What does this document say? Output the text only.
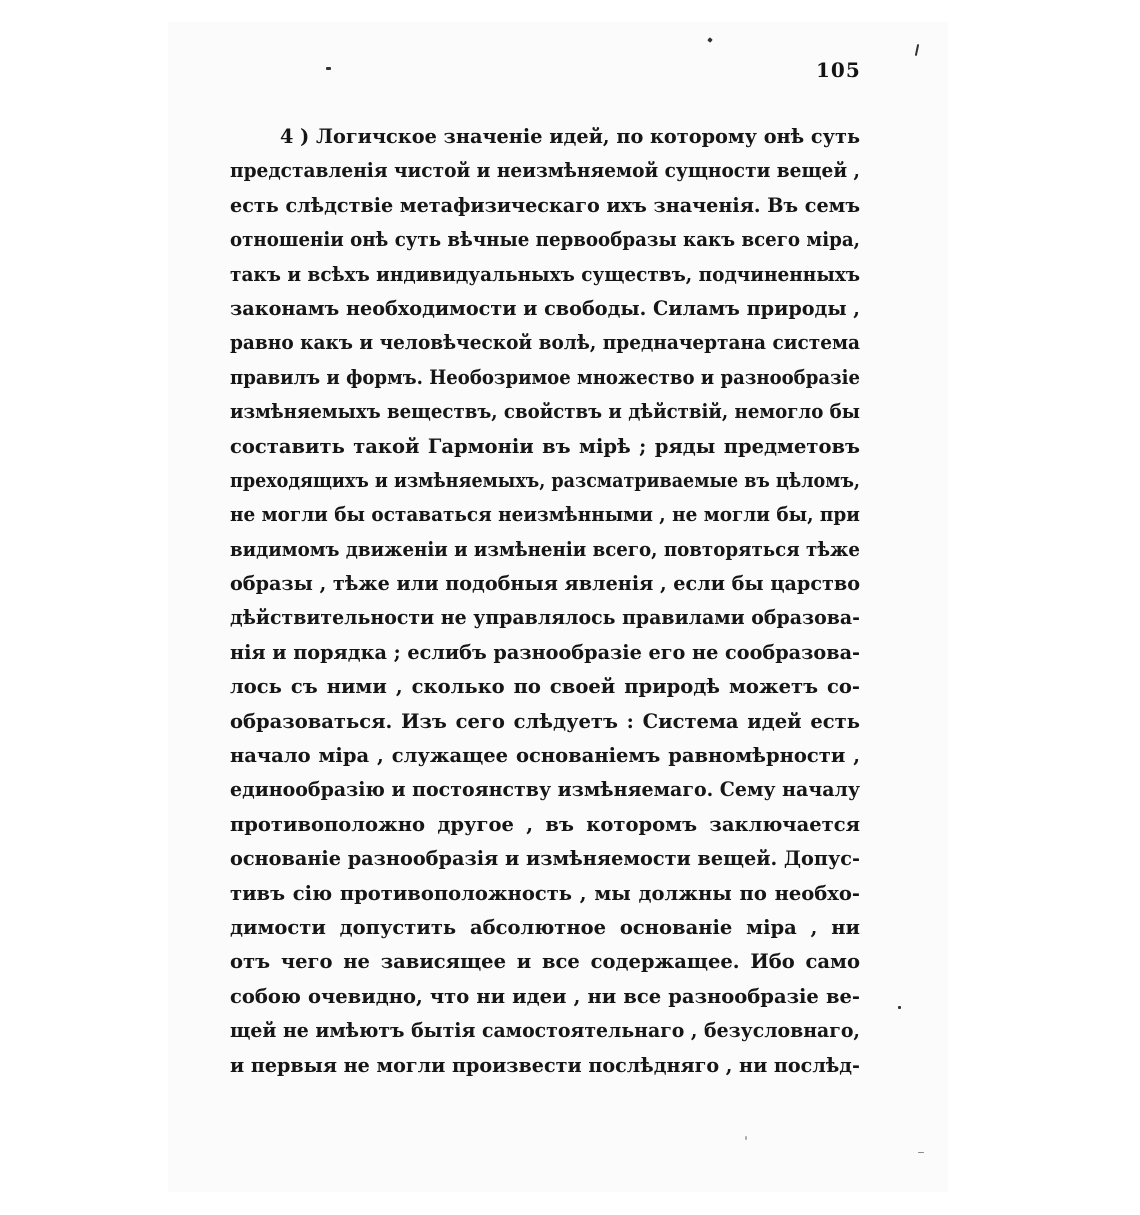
105
4 ) Логичское значеніе идей, по которому онѣ суть
представленія чистой и неизмѣняемой сущности вещей ,
есть слѣдствіе метафизическаго ихъ значенія. Въ семъ
отношеніи онѣ суть вѣчные первообразы какъ всего міра,
такъ и всѣхъ индивидуальныхъ существъ, подчиненныхъ
законамъ необходимости и свободы. Силамъ природы ,
равно какъ и человѣческой волѣ, предначертана система
правилъ и формъ. Необозримое множество и разнообразіе
измѣняемыхъ веществъ, свойствъ и дѣйствій, немогло бы
составить такой Гармоніи въ мірѣ ; ряды предметовъ
преходящихъ и измѣняемыхъ, разсматриваемые въ цѣломъ,
не могли бы оставаться неизмѣнными , не могли бы, при
видимомъ движеніи и измѣненіи всего, повторяться тѣже
образы , тѣже или подобныя явленія , если бы царство
дѣйствительности не управлялось правилами образова-
нія и порядка ; еслибъ разнообразіе его не сообразова-
лось съ ними , сколько по своей природѣ можетъ со-
образоваться. Изъ сего слѣдуетъ : Система идей есть
начало міра , служащее основаніемъ равномѣрности ,
единообразію и постоянству измѣняемаго. Сему началу
противоположно другое , въ которомъ заключается
основаніе разнообразія и измѣняемости вещей. Допус-
тивъ сію противоположность , мы должны по необхо-
димости допустить абсолютное основаніе міра , ни
отъ чего не зависящее и все содержащее. Ибо само
собою очевидно, что ни идеи , ни все разнообразіе ве-
щей не имѣютъ бытія самостоятельнаго , безусловнаго,
и первыя не могли произвести послѣдняго , ни послѣд-
